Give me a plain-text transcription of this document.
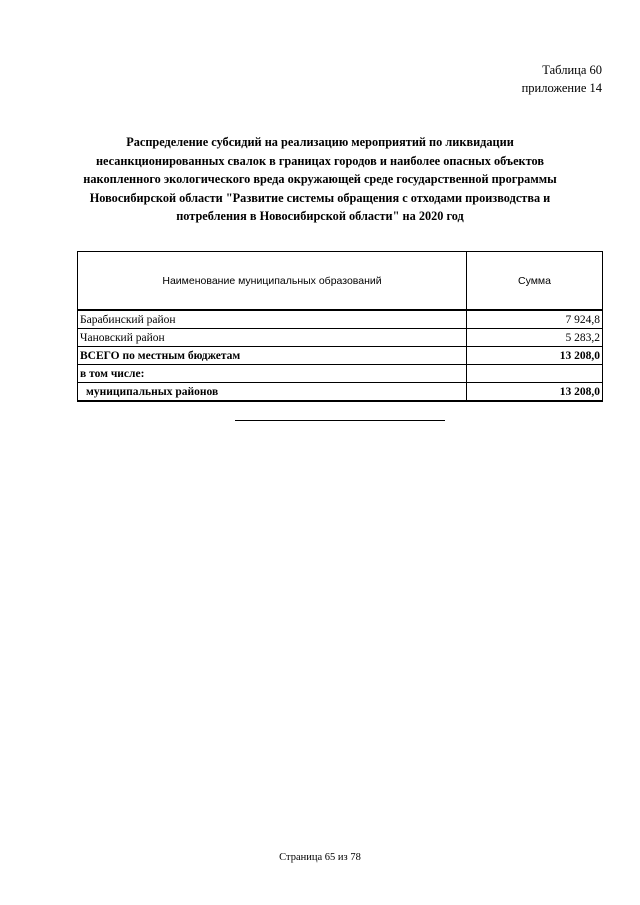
Таблица 60
приложение 14
Распределение субсидий на реализацию мероприятий по ликвидации
несанкционированных свалок в границах городов и наиболее опасных объектов
накопленного экологического вреда окружающей среде государственной программы
Новосибирской области "Развитие системы обращения с отходами производства и
потребления в Новосибирской области" на 2020 год
Наименование муниципальных образований	Сумма
Барабинский район	7 924,8
Чановский район	5 283,2
ВСЕГО по местным бюджетам	13 208,0
в том числе:	
муниципальных районов	13 208,0
Страница 65 из 78
